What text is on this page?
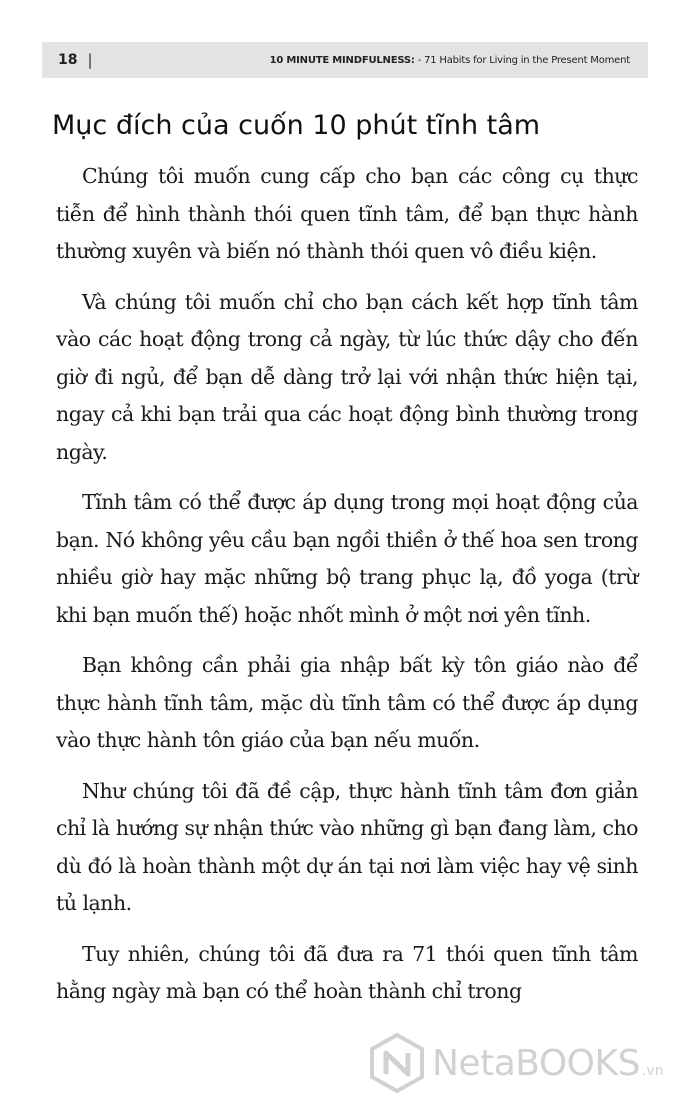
18 |	10 MINUTE MINDFULNESS: - 71 Habits for Living in the Present Moment
Mục đích của cuốn 10 phút tĩnh tâm

Chúng tôi muốn cung cấp cho bạn các công cụ thực tiễn để hình thành thói quen tĩnh tâm, để bạn thực hành thường xuyên và biến nó thành thói quen vô điều kiện.

Và chúng tôi muốn chỉ cho bạn cách kết hợp tĩnh tâm vào các hoạt động trong cả ngày, từ lúc thức dậy cho đến giờ đi ngủ, để bạn dễ dàng trở lại với nhận thức hiện tại, ngay cả khi bạn trải qua các hoạt động bình thường trong ngày.

Tĩnh tâm có thể được áp dụng trong mọi hoạt động của bạn. Nó không yêu cầu bạn ngồi thiền ở thế hoa sen trong nhiều giờ hay mặc những bộ trang phục lạ, đồ yoga (trừ khi bạn muốn thế) hoặc nhốt mình ở một nơi yên tĩnh.

Bạn không cần phải gia nhập bất kỳ tôn giáo nào để thực hành tĩnh tâm, mặc dù tĩnh tâm có thể được áp dụng vào thực hành tôn giáo của bạn nếu muốn.

Như chúng tôi đã đề cập, thực hành tĩnh tâm đơn giản chỉ là hướng sự nhận thức vào những gì bạn đang làm, cho dù đó là hoàn thành một dự án tại nơi làm việc hay vệ sinh tủ lạnh.

Tuy nhiên, chúng tôi đã đưa ra 71 thói quen tĩnh tâm hằng ngày mà bạn có thể hoàn thành chỉ trong

NetaBOOKS .vn
